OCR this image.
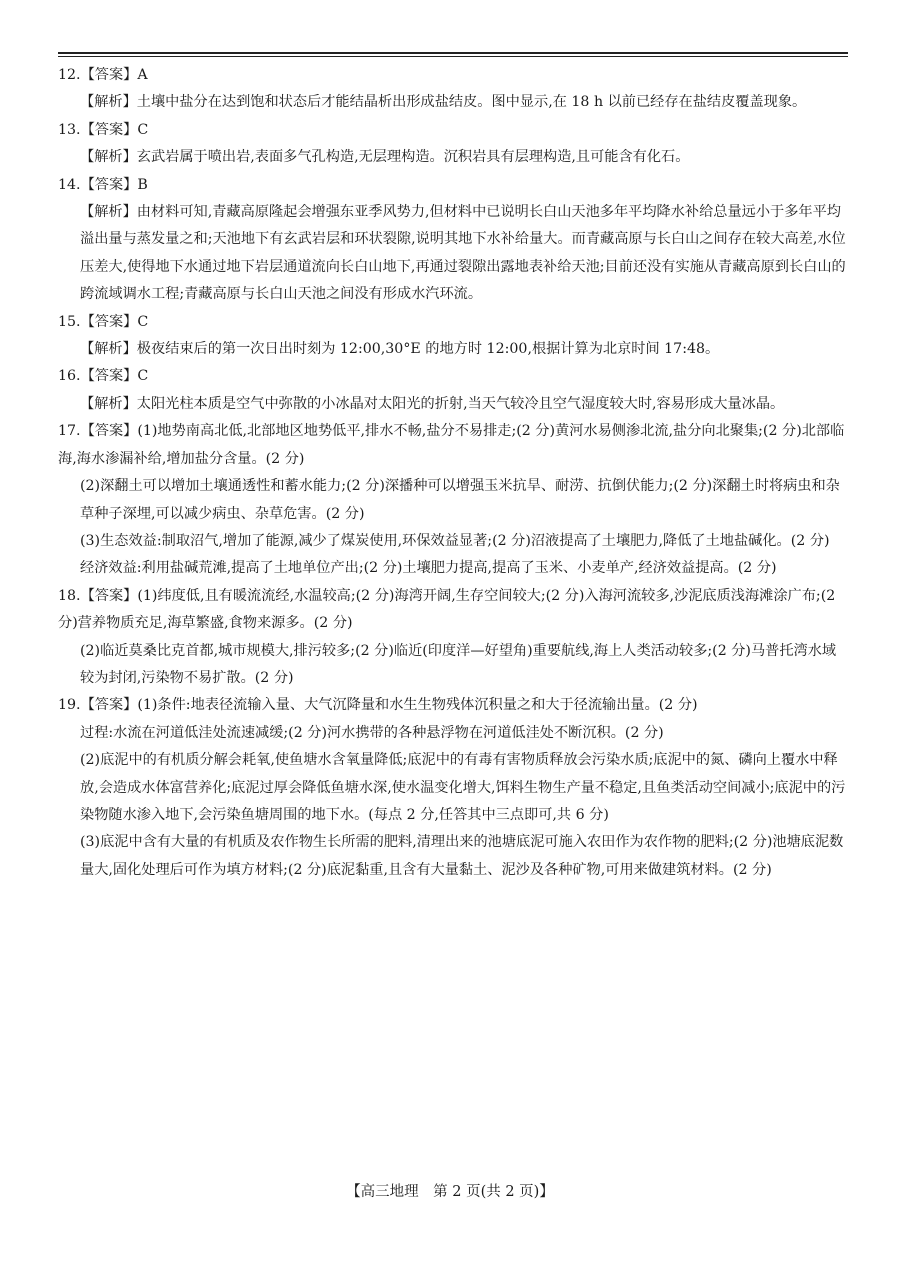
12.【答案】A

【解析】土壤中盐分在达到饱和状态后才能结晶析出形成盐结皮。图中显示,在 18 h 以前已经存在盐结皮覆盖现象。

13.【答案】C

【解析】玄武岩属于喷出岩,表面多气孔构造,无层理构造。沉积岩具有层理构造,且可能含有化石。

14.【答案】B

【解析】由材料可知,青藏高原隆起会增强东亚季风势力,但材料中已说明长白山天池多年平均降水补给总量远小于多年平均溢出量与蒸发量之和;天池地下有玄武岩层和环状裂隙,说明其地下水补给量大。而青藏高原与长白山之间存在较大高差,水位压差大,使得地下水通过地下岩层通道流向长白山地下,再通过裂隙出露地表补给天池;目前还没有实施从青藏高原到长白山的跨流域调水工程;青藏高原与长白山天池之间没有形成水汽环流。

15.【答案】C

【解析】极夜结束后的第一次日出时刻为 12:00,30°E 的地方时 12:00,根据计算为北京时间 17:48。

16.【答案】C

【解析】太阳光柱本质是空气中弥散的小冰晶对太阳光的折射,当天气较冷且空气湿度较大时,容易形成大量冰晶。

17.【答案】(1)地势南高北低,北部地区地势低平,排水不畅,盐分不易排走;(2 分)黄河水易侧渗北流,盐分向北聚集;(2 分)北部临海,海水渗漏补给,增加盐分含量。(2 分)

(2)深翻土可以增加土壤通透性和蓄水能力;(2 分)深播种可以增强玉米抗旱、耐涝、抗倒伏能力;(2 分)深翻土时将病虫和杂草种子深埋,可以减少病虫、杂草危害。(2 分)

(3)生态效益:制取沼气,增加了能源,减少了煤炭使用,环保效益显著;(2 分)沼液提高了土壤肥力,降低了土地盐碱化。(2 分)

经济效益:利用盐碱荒滩,提高了土地单位产出;(2 分)土壤肥力提高,提高了玉米、小麦单产,经济效益提高。(2 分)

18.【答案】(1)纬度低,且有暖流流经,水温较高;(2 分)海湾开阔,生存空间较大;(2 分)入海河流较多,沙泥底质浅海滩涂广布;(2 分)营养物质充足,海草繁盛,食物来源多。(2 分)

(2)临近莫桑比克首都,城市规模大,排污较多;(2 分)临近(印度洋—好望角)重要航线,海上人类活动较多;(2 分)马普托湾水域较为封闭,污染物不易扩散。(2 分)

19.【答案】(1)条件:地表径流输入量、大气沉降量和水生生物残体沉积量之和大于径流输出量。(2 分)

过程:水流在河道低洼处流速减缓;(2 分)河水携带的各种悬浮物在河道低洼处不断沉积。(2 分)

(2)底泥中的有机质分解会耗氧,使鱼塘水含氧量降低;底泥中的有毒有害物质释放会污染水质;底泥中的氮、磷向上覆水中释放,会造成水体富营养化;底泥过厚会降低鱼塘水深,使水温变化增大,饵料生物生产量不稳定,且鱼类活动空间减小;底泥中的污染物随水渗入地下,会污染鱼塘周围的地下水。(每点 2 分,任答其中三点即可,共 6 分)

(3)底泥中含有大量的有机质及农作物生长所需的肥料,清理出来的池塘底泥可施入农田作为农作物的肥料;(2 分)池塘底泥数量大,固化处理后可作为填方材料;(2 分)底泥黏重,且含有大量黏土、泥沙及各种矿物,可用来做建筑材料。(2 分)

【高三地理　第 2 页(共 2 页)】
